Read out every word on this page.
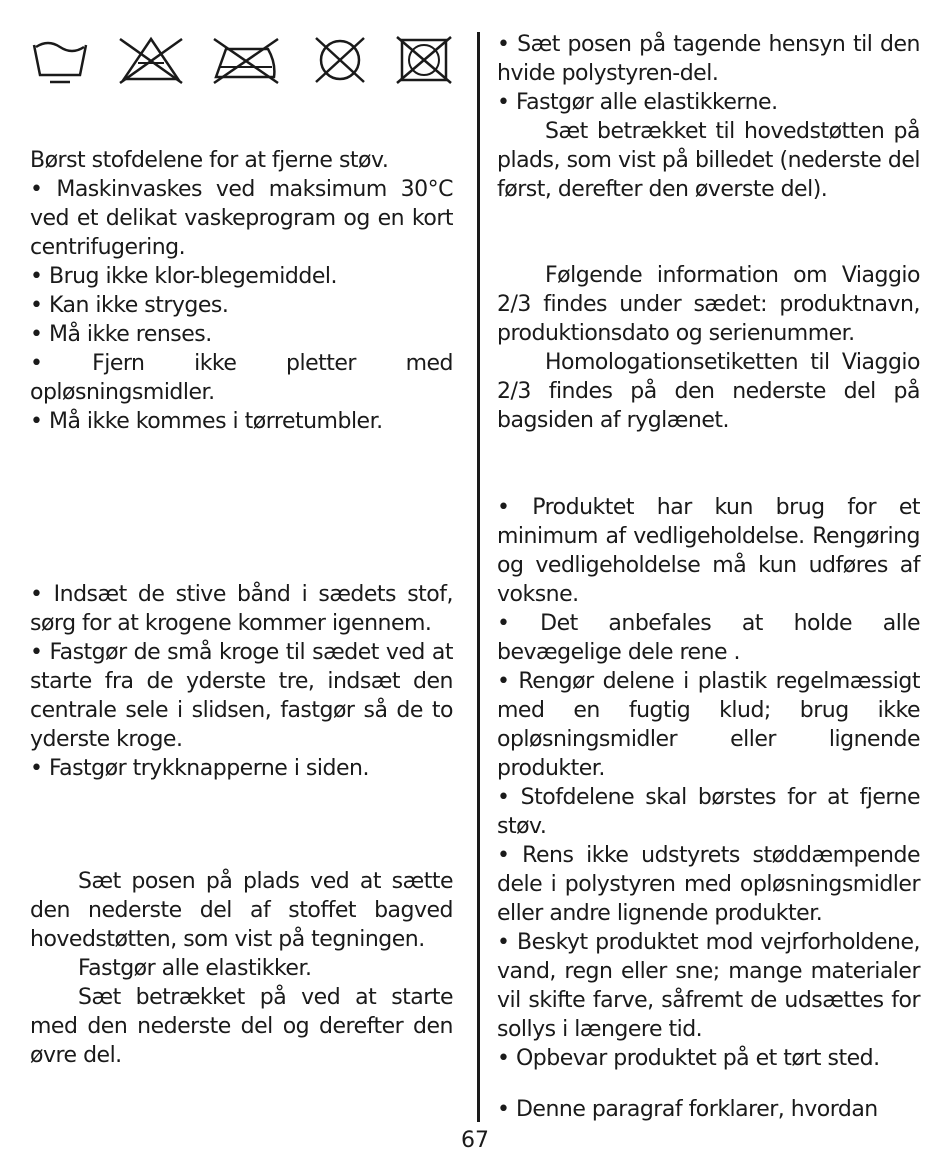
Børst stofdelene for at fjerne støv.

• Maskinvaskes ved maksimum 30°C ved et delikat vaskeprogram og en kort centrifugering.

• Brug ikke klor-blegemiddel.

• Kan ikke stryges.

• Må ikke renses.

• Fjern ikke pletter med opløsningsmidler.

• Må ikke kommes i tørretumbler.

• Indsæt de stive bånd i sædets stof, sørg for at krogene kommer igennem.

• Fastgør de små kroge til sædet ved at starte fra de yderste tre, indsæt den centrale sele i slidsen, fastgør så de to yderste kroge.

• Fastgør trykknapperne i siden.

Sæt posen på plads ved at sætte den nederste del af stoffet bagved hovedstøtten, som vist på tegningen.

Fastgør alle elastikker.

Sæt betrækket på ved at starte med den nederste del og derefter den øvre del.

• Sæt posen på tagende hensyn til den hvide polystyren-del.

• Fastgør alle elastikkerne.

Sæt betrækket til hovedstøtten på plads, som vist på billedet (nederste del først, derefter den øverste del).

Følgende information om Viaggio 2/3 findes under sædet: produktnavn, produktionsdato og serienummer.

Homologationsetiketten til Viaggio 2/3 findes på den nederste del på bagsiden af ryglænet.

• Produktet har kun brug for et minimum af vedligeholdelse. Rengøring og vedligeholdelse må kun udføres af voksne.

• Det anbefales at holde alle bevægelige dele rene .

• Rengør delene i plastik regelmæssigt med en fugtig klud; brug ikke opløsningsmidler eller lignende produkter.

• Stofdelene skal børstes for at fjerne støv.

• Rens ikke udstyrets støddæmpende dele i polystyren med opløsningsmidler eller andre lignende produkter.

• Beskyt produktet mod vejrforholdene, vand, regn eller sne; mange materialer vil skifte farve, såfremt de udsættes for sollys i længere tid.

• Opbevar produktet på et tørt sted.

• Denne paragraf forklarer, hvordan

67
